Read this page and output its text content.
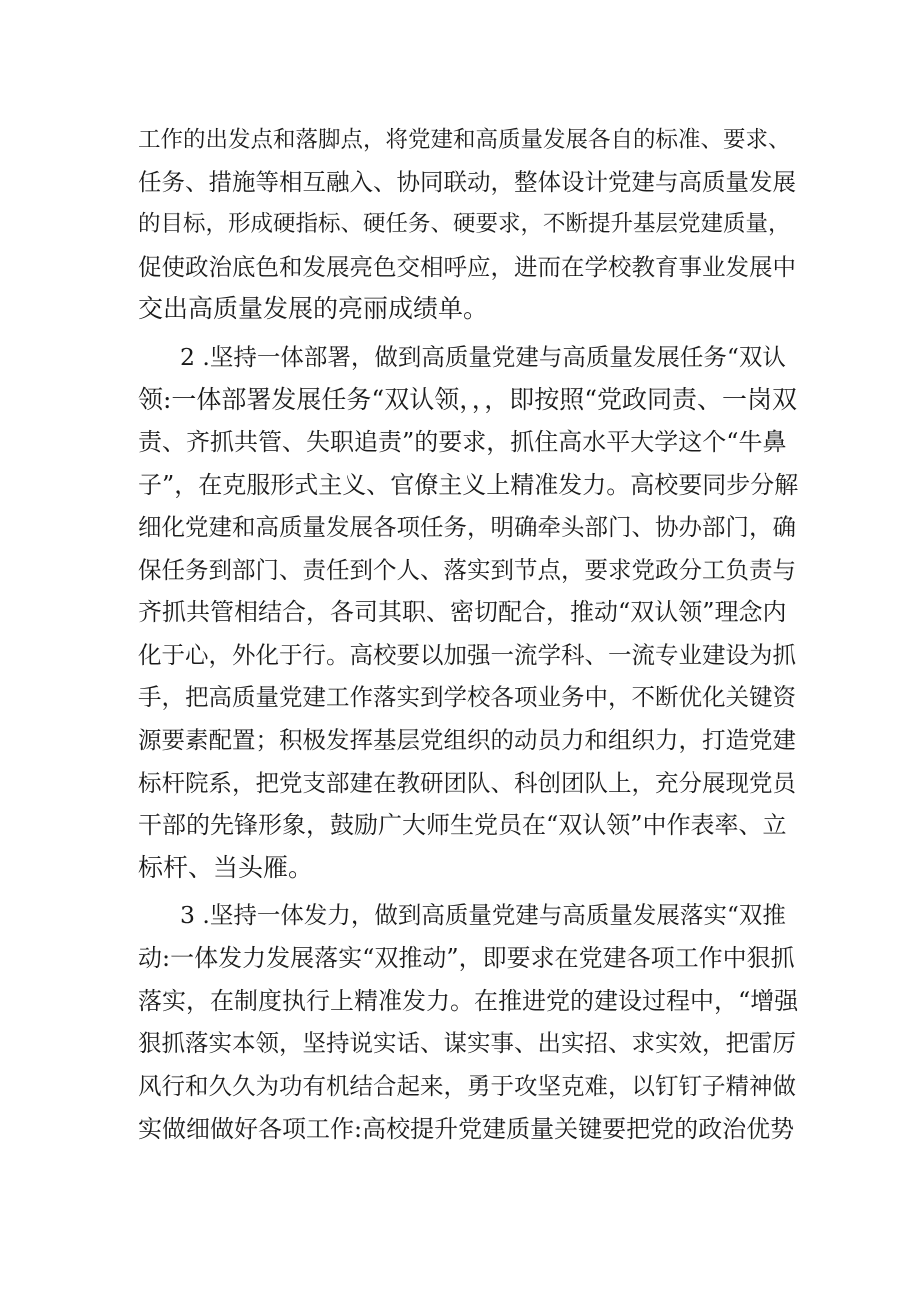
工作的出发点和落脚点，将党建和高质量发展各自的标准、要求、
任务、措施等相互融入、协同联动，整体设计党建与高质量发展
的目标，形成硬指标、硬任务、硬要求，不断提升基层党建质量，
促使政治底色和发展亮色交相呼应，进而在学校教育事业发展中
交出高质量发展的亮丽成绩单。
2 .坚持一体部署，做到高质量党建与高质量发展任务“双认
领:一体部署发展任务“双认领，，，即按照“党政同责、一岗双
责、齐抓共管、失职追责”的要求，抓住高水平大学这个“牛鼻
子”，在克服形式主义、官僚主义上精准发力。高校要同步分解
细化党建和高质量发展各项任务，明确牵头部门、协办部门，确
保任务到部门、责任到个人、落实到节点，要求党政分工负责与
齐抓共管相结合，各司其职、密切配合，推动“双认领”理念内
化于心，外化于行。高校要以加强一流学科、一流专业建设为抓
手，把高质量党建工作落实到学校各项业务中，不断优化关键资
源要素配置；积极发挥基层党组织的动员力和组织力，打造党建
标杆院系，把党支部建在教研团队、科创团队上，充分展现党员
干部的先锋形象，鼓励广大师生党员在“双认领”中作表率、立
标杆、当头雁。
3 .坚持一体发力，做到高质量党建与高质量发展落实“双推
动:一体发力发展落实“双推动”，即要求在党建各项工作中狠抓
落实，在制度执行上精准发力。在推进党的建设过程中，“增强
狠抓落实本领，坚持说实话、谋实事、出实招、求实效，把雷厉
风行和久久为功有机结合起来，勇于攻坚克难，以钉钉子精神做
实做细做好各项工作:高校提升党建质量关键要把党的政治优势
